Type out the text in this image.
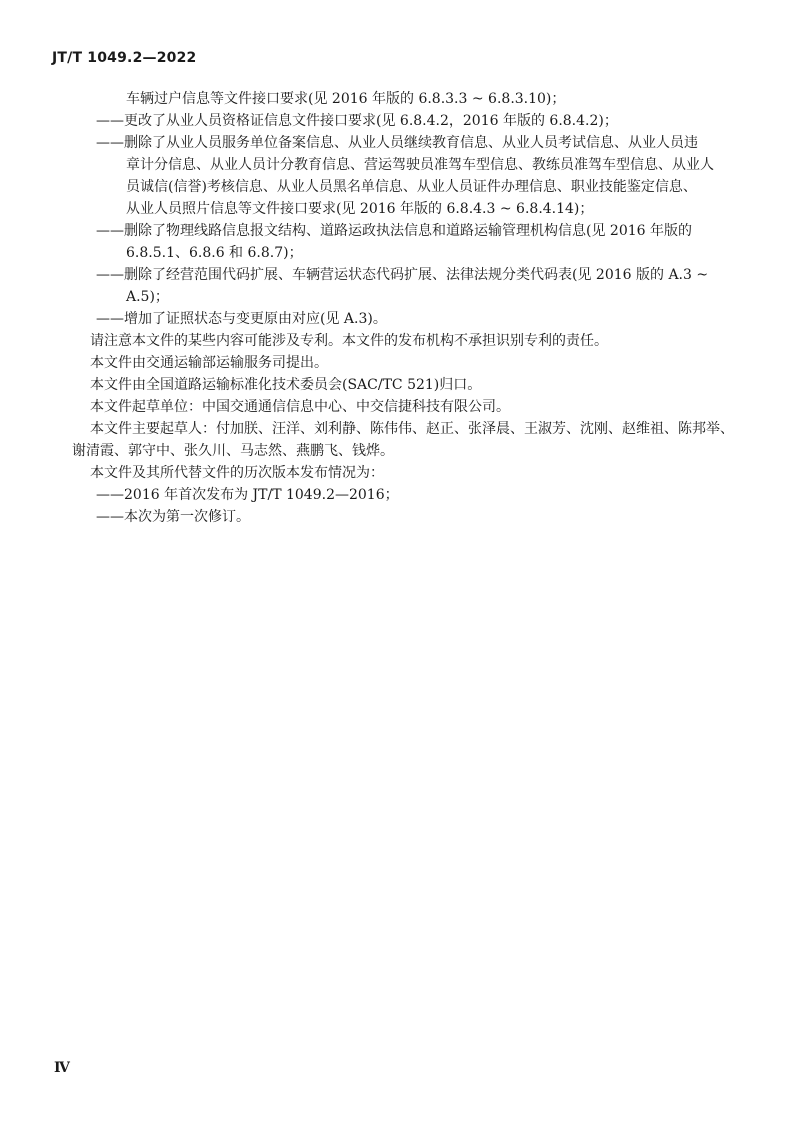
JT/T 1049.2—2022
车辆过户信息等文件接口要求(见 2016 年版的 6.8.3.3 ~ 6.8.3.10)；
——更改了从业人员资格证信息文件接口要求(见 6.8.4.2，2016 年版的 6.8.4.2)；
——删除了从业人员服务单位备案信息、从业人员继续教育信息、从业人员考试信息、从业人员违
章计分信息、从业人员计分教育信息、营运驾驶员准驾车型信息、教练员准驾车型信息、从业人
员诚信(信誉)考核信息、从业人员黑名单信息、从业人员证件办理信息、职业技能鉴定信息、
从业人员照片信息等文件接口要求(见 2016 年版的 6.8.4.3 ~ 6.8.4.14)；
——删除了物理线路信息报文结构、道路运政执法信息和道路运输管理机构信息(见 2016 年版的
6.8.5.1、6.8.6 和 6.8.7)；
——删除了经营范围代码扩展、车辆营运状态代码扩展、法律法规分类代码表(见 2016 版的 A.3 ~
A.5)；
——增加了证照状态与变更原由对应(见 A.3)。
请注意本文件的某些内容可能涉及专利。本文件的发布机构不承担识别专利的责任。
本文件由交通运输部运输服务司提出。
本文件由全国道路运输标准化技术委员会(SAC/TC 521)归口。
本文件起草单位：中国交通通信信息中心、中交信捷科技有限公司。
本文件主要起草人：付加朕、汪洋、刘利静、陈伟伟、赵正、张泽晨、王淑芳、沈刚、赵维祖、陈邦举、
谢清霞、郭守中、张久川、马志然、燕鹏飞、钱烨。
本文件及其所代替文件的历次版本发布情况为：
——2016 年首次发布为 JT/T 1049.2—2016；
——本次为第一次修订。
Ⅳ
